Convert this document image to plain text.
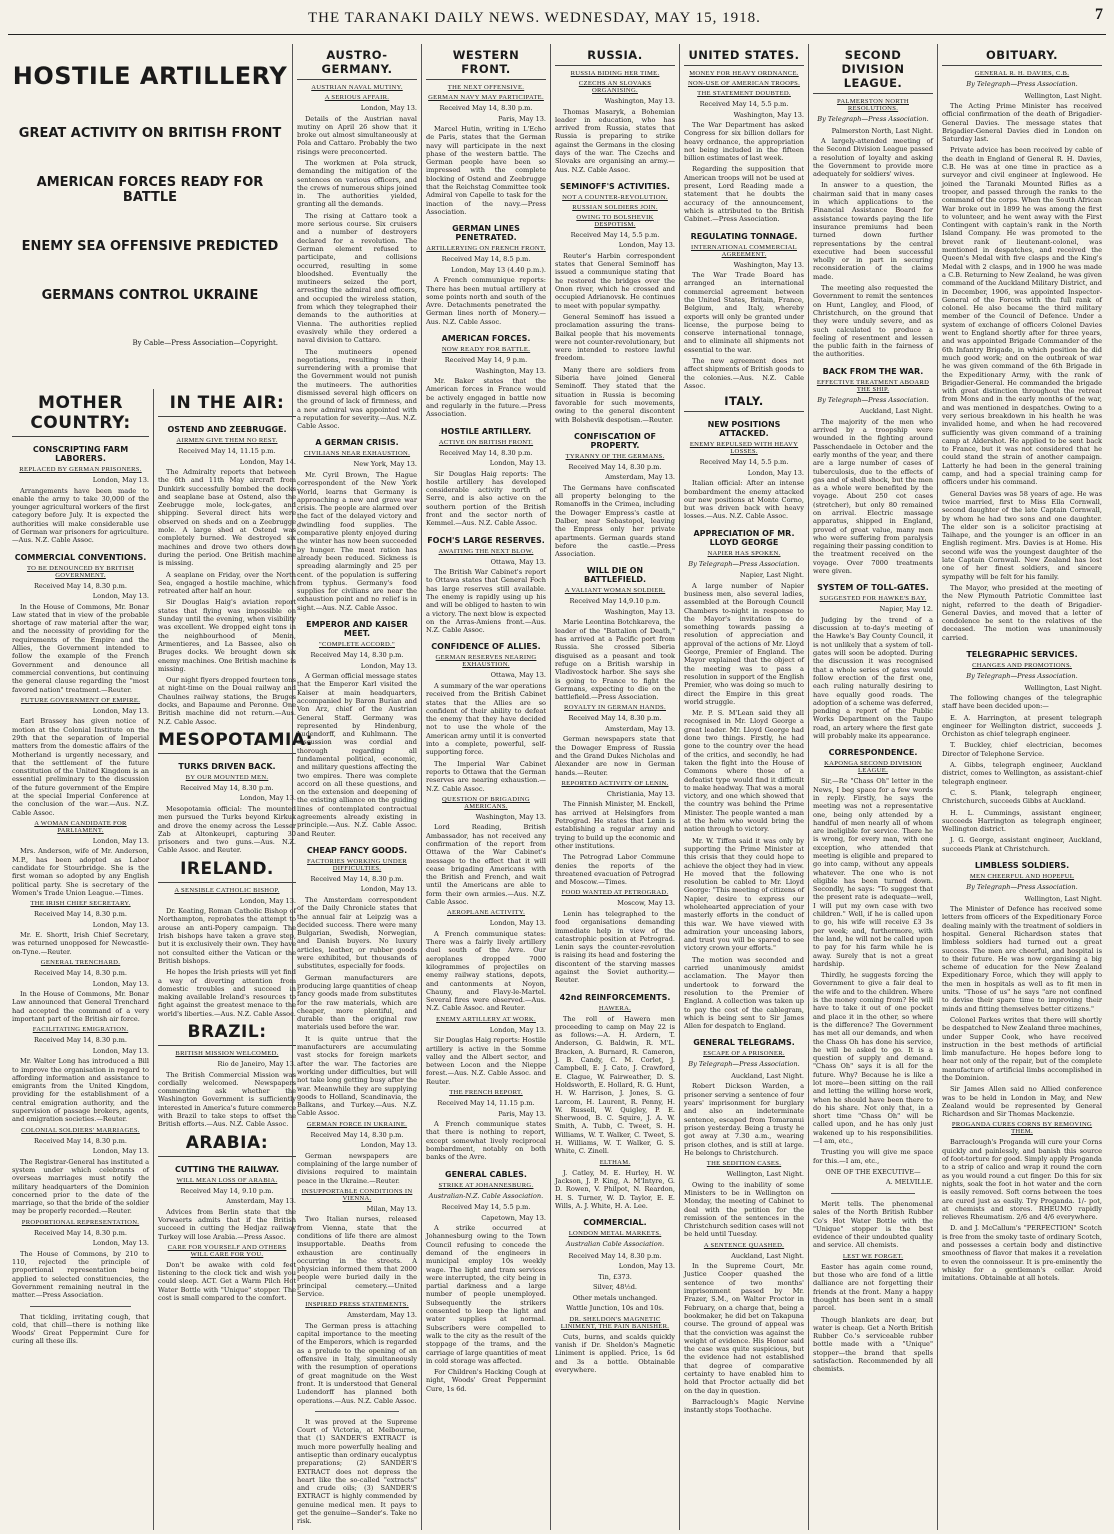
THE TARANAKI DAILY NEWS. WEDNESDAY, MAY 15, 1918.	7
HOSTILE ARTILLERY
GREAT ACTIVITY ON BRITISH FRONT
AMERICAN FORCES READY FOR BATTLE
ENEMY SEA OFFENSIVE PREDICTED
GERMANS CONTROL UKRAINE
By Cable—Press Association—Copyright.
MOTHER COUNTRY:
CONSCRIPTING FARM LABORERS.
REPLACED BY GERMAN PRISONERS.
London, May 13.

Arrangements have been made to enable the army to take 30,000 of the younger agricultural workers of the first category before July. It is expected the authorities will make considerable use of German war prisoners for agriculture.—Aus. N.Z. Cable Assoc.

COMMERCIAL CONVENTIONS.
TO BE DENOUNCED BY BRITISH GOVERNMENT.
Received May 14, 8.30 p.m.
London, May 13.

In the House of Commons, Mr. Bonar Law stated that in view of the probable shortage of raw material after the war, and the necessity of providing for the requirements of the Empire and the Allies, the Government intended to follow the example of the French Government and denounce all commercial conventions, but continuing the general clause regarding the "most favored nation" treatment.—Reuter.

FUTURE GOVERNMENT OF EMPIRE.
London, May 13.

Earl Brassey has given notice of motion at the Colonial Institute on the 29th that the separation of Imperial matters from the domestic affairs of the Motherland is urgently necessary, and that the settlement of the future constitution of the United Kingdom is an essential preliminary to the discussion of the future government of the Empire at the special Imperial Conference at the conclusion of the war.—Aus. N.Z. Cable Assoc.

A WOMAN CANDIDATE FOR PARLIAMENT.
London, May 13.

Mrs. Anderson, wife of Mr. Anderson, M.P., has been adopted as Labor candidate for Stourbridge. She is the first woman so adopted by any English political party. She is secretary of the Women's Trade Union League.—Times.

THE IRISH CHIEF SECRETARY.
Received May 14, 8.30 p.m.
London, May 13.

Mr. E. Shortt, Irish Chief Secretary, was returned unopposed for Newcastle-on-Tyne.—Reuter.

GENERAL TRENCHARD.
Received May 14, 8.30 p.m.
London, May 13.

In the House of Commons, Mr. Bonar Law announced that General Trenchard had accepted the command of a very important part of the British air force.

FACILITATING EMIGRATION.
Received May 14, 8.30 p.m.
London, May 13.

Mr. Walter Long has introduced a Bill to improve the organisation in regard to affording information and assistance to emigrants from the United Kingdom, providing for the establishment of a central emigration authority, and the supervision of passage brokers, agents, and emigration societies.—Reuter.

COLONIAL SOLDIERS' MARRIAGES.
Received May 14, 8.30 p.m.
London, May 13.

The Registrar-General has instituted a system under which celebrants of overseas marriages must notify the military headquarters of the Dominion concerned prior to the date of the marriage, so that the bride of the soldier may be properly recorded.—Reuter.

PROPORTIONAL REPRESENTATION.
Received May 14, 8.30 p.m.
London, May 13.

The House of Commons, by 210 to 110, rejected the principle of proportional representation being applied to selected constituencies, the Government remaining neutral in the matter.—Press Association.

That tickling, irritating cough, that cold, that chill—there is nothing like Woods' Great Peppermint Cure for curing all these ills.

IN THE AIR:
OSTEND AND ZEEBRUGGE.
AIRMEN GIVE THEM NO REST.
Received May 14, 11.15 p.m.
London, May 14.

The Admiralty reports that between the 6th and 11th May aircraft from Dunkirk successfully bombed the docks and seaplane base at Ostend, also the Zeebrugge mole, lock-gates, and shipping. Several direct hits were observed on sheds and on a Zeebrugge mole. A large shed at Ostend was completely burned. We destroyed six machines and drove two others down during the period. One British machine is missing.

A seaplane on Friday, over the North Sea, engaged a hostile machine, which retreated after half an hour.

Sir Douglas Haig's aviation report states that flying was impossible on Sunday until the evening, when visibility was excellent. We dropped eight tons in the neighbourhood of Menin, Armentieres, and La Bassee, also on Bruges docks. We brought down six enemy machines. One British machine is missing.

Our night flyers dropped fourteen tons at night-time on the Douai railway and Chaulnes railway stations, the Bruges docks, and Bapaume and Peronne. One British machine did not return.—Aus. N.Z. Cable Assoc.

MESOPOTAMIA:
TURKS DRIVEN BACK.
BY OUR MOUNTED MEN.
Received May 14, 8.30 p.m.
London, May 13.

Mesopotamia official: The mounted men pursued the Turks beyond Kirkuk and drove the enemy across the Lesser Zab at Altonkeupri, capturing 30 prisoners and two guns.—Aus. N.Z. Cable Assoc. and Reuter.

IRELAND.
A SENSIBLE CATHOLIC BISHOP.
London, May 13.

Dr. Keating, Roman Catholic Bishop of Northampton, reprobates the attempt to arouse an anti-Popery campaign. The Irish bishops have taken a grave step, but it is exclusively their own. They have not consulted either the Vatican or the British bishops.

He hopes the Irish priests will yet find a way of diverting attention from domestic troubles and succeed in making available Ireland's resources to fight against the greatest menace to the world's liberties.—Aus. N.Z. Cable Assoc.

BRAZIL:
BRITISH MISSION WELCOMED.
Rio de Janeiro, May 13.

The British Commercial Mission was cordially welcomed. Newspapers commenting ask whether the Washington Government is sufficiently interested in America's future commerce with Brazil to take steps to offset the British efforts.—Aus. N.Z. Cable Assoc.

ARABIA:
CUTTING THE RAILWAY.
WILL MEAN LOSS OF ARABIA.
Received May 14, 9.10 p.m.
Amsterdam, May 13.

Advices from Berlin state that the Vorwaerts admits that if the British succeed in cutting the Hedjaz railway Turkey will lose Arabia.—Press Assoc.

CARE FOR YOURSELF AND OTHERS WILL CARE FOR YOU.

Don't be awake with cold feet listening to the clock tick and wish you could sleep. ACT. Get a Warm Pilch Hot Water Bottle with "Unique" stopper. The cost is small compared to the comfort.

AUSTRO-GERMANY.
AUSTRIAN NAVAL MUTINY.
A SERIOUS AFFAIR.
London, May 13.

Details of the Austrian naval mutiny on April 26 show that it broke out almost simultaneously at Pola and Cattaro. Probably the two risings were preconcerted.

The workmen at Pola struck, demanding the mitigation of the sentences on various officers, and the crews of numerous ships joined in. The authorities yielded, granting all the demands.

The rising at Cattaro took a more serious course. Six cruisers and a number of destroyers declared for a revolution. The German element refused to participate, and collisions occurred, resulting in some bloodshed. Eventually the mutineers seized the port, arresting the admiral and officers, and occupied the wireless station, from which they telegraphed their demands to the authorities at Vienna. The authorities replied evasively while they ordered a naval division to Cattaro.

The mutineers opened negotiations, resulting in their surrendering with a promise that the Government would not punish the mutineers. The authorities dismissed several high officers on the ground of lack of firmness, and a new admiral was appointed with a reputation for severity.—Aus. N.Z. Cable Assoc.

A GERMAN CRISIS.
CIVILIANS NEAR EXHAUSTION.
New York, May 13.

Mr. Cyril Brown, The Hague correspondent of the New York World, learns that Germany is approaching a new and grave war crisis. The people are alarmed over the fact of the delayed victory and dwindling food supplies. The comparative plenty enjoyed during the winter has now been succeeded by hunger. The meat ration has already been reduced. Sickness is spreading alarmingly and 25 per cent. of the population is suffering from typhus. Germany's food supplies for civilians are near the exhaustion point and no relief is in sight.—Aus. N.Z. Cable Assoc.

EMPEROR AND KAISER MEET.
"COMPLETE ACCORD."
Received May 14, 8.30 p.m.
London, May 13.

A German official message states that the Emperor Karl visited the Kaiser at main headquarters, accompanied by Baron Burian and Von Arz, chief of the Austrian General Staff. Germany was represented by Hindenburg, Ludendorff, and Kuhlmann. The discussion was cordial and thorough regarding all fundamental political, economic, and military questions affecting the two empires. There was complete accord on all these questions, and on the extension and deepening of the existing alliance on the guiding lines of contemplated contractual agreements already existing in principle.—Aus. N.Z. Cable Assoc. and Reuter.

CHEAP FANCY GOODS.
FACTORIES WORKING UNDER DIFFICULTIES.
Received May 14, 8.30 p.m.
London, May 13.

The Amsterdam correspondent of the Daily Chronicle states that the annual fair at Leipzig was a decided success. There were many Bulgarian, Swedish, Norwegian, and Danish buyers. No luxury articles, leather, or rubber goods were exhibited, but thousands of substitutes, especially for foods.

German manufacturers are producing large quantities of cheap fancy goods made from substitutes for the raw materials, which are cheaper, more plentiful, and durable than the original raw materials used before the war.

It is quite untrue that the manufacturers are accumulating vast stocks for foreign markets after the war. The factories are working under difficulties, but will not take long getting busy after the war. Meanwhile they are supplying goods to Holland, Scandinavia, the Balkans, and Turkey.—Aus. N.Z. Cable Assoc.

GERMAN FORCE IN UKRAINE.
Received May 14, 8.30 p.m.
London, May 13.

German newspapers are complaining of the large number of divisions required to maintain peace in the Ukraine.—Reuter.

INSUPPORTABLE CONDITIONS IN VIENNA.
Milan, May 13.

Two Italian nurses, released from Vienna, state that the conditions of life there are almost insupportable. Deaths from exhaustion are continually occurring in the streets. A physician informed them that 2000 people were buried daily in the principal cemetery.—United Service.

INSPIRED PRESS STATEMENTS.
Amsterdam, May 13.

The German press is attaching capital importance to the meeting of the Emperors, which is regarded as a prelude to the opening of an offensive in Italy, simultaneously with the resumption of operations of great magnitude on the West front. It is understood that General Ludendorff has planned both operations.—Aus. N.Z. Cable Assoc.

It was proved at the Supreme Court of Victoria, at Melbourne, that (1) SANDER'S EXTRACT is much more powerfully healing and antiseptic than ordinary eucalyptus preparations; (2) SANDER'S EXTRACT does not depress the heart like the so-called "extracts" and crude oils; (3) SANDER'S EXTRACT is highly commended by genuine medical men. It pays to get the genuine—Sander's. Take no risk.

WESTERN FRONT.
THE NEXT OFFENSIVE.
GERMAN NAVY MAY PARTICIPATE.
Received May 14, 8.30 p.m.
Paris, May 13.

Marcel Hutin, writing in L'Echo de Paris, states that the German navy will participate in the next phase of the western battle. The German people have been so impressed with the complete blocking of Ostend and Zeebrugge that the Reichstag Committee took Admiral von Capelle to task for the inaction of the navy.—Press Association.

GERMAN LINES PENETRATED.
ARTILLERYING ON FRENCH FRONT.
Received May 14, 8.5 p.m.
London, May 13 (4.40 p.m.).

A French communique reports: There has been mutual artillery at some points north and south of the Avre. Detachments penetrated the German lines north of Monery.—Aus. N.Z. Cable Assoc.

AMERICAN FORCES.
NOW READY FOR BATTLE.
Received May 14, 9 p.m.
Washington, May 13.

Mr. Baker states that the American forces in France would be actively engaged in battle now and regularly in the future.—Press Association.

HOSTILE ARTILLERY.
ACTIVE ON BRITISH FRONT.
Received May 14, 8.30 p.m.
London, May 13.

Sir Douglas Haig reports: The hostile artillery has developed considerable activity north of Serre, and is also active on the southern portion of the British front and the sector north of Kemmel.—Aus. N.Z. Cable Assoc.

FOCH'S LARGE RESERVES.
AWAITING THE NEXT BLOW.
Ottawa, May 13.

The British War Cabinet's report to Ottawa states that General Foch has large reserves still available. The enemy is rapidly using up his and will be obliged to hasten to win a victory. The next blow is expected on the Arras-Amiens front.—Aus. N.Z. Cable Assoc.

CONFIDENCE OF ALLIES.
GERMAN RESERVES NEARING EXHAUSTION.
Ottawa, May 13.

A summary of the war operations received from the British Cabinet states that the Allies are so confident of their ability to defeat the enemy that they have decided not to use the whole of the American army until it is converted into a complete, powerful, self-supporting force.

The Imperial War Cabinet reports to Ottawa that the German reserves are nearing exhaustion.—N.Z. Cable Assoc.

QUESTION OF BRIGADING AMERICANS.
Washington, May 13.

Lord Reading, British Ambassador, has not received any confirmation of the report from Ottawa of the War Cabinet's message to the effect that it will cease brigading Americans with the British and French, and wait until the Americans are able to form their own armies.—Aus. N.Z. Cable Assoc.

AEROPLANE ACTIVITY.
London, May 13.

A French communique states: There was a fairly lively artillery duel south of the Avre. Our aeroplanes dropped 7000 kilogrammes of projectiles on enemy railway stations, depots, and cantonments at Noyon, Chauny, and Flavy-le-Martel. Several fires were observed.—Aus. N.Z. Cable Assoc. and Reuter.

ENEMY ARTILLERY AT WORK.
London, May 13.

Sir Douglas Haig reports: Hostile artillery is active in the Somme valley and the Albert sector, and between Locon and the Nieppe forest.—Aus. N.Z. Cable Assoc. and Reuter.

THE FRENCH REPORT.
Received May 14, 11.15 p.m.
Paris, May 13.

A French communique states that there is nothing to report, except somewhat lively reciprocal bombardment, notably on both banks of the Avre.

GENERAL CABLES.
STRIKE AT JOHANNESBURG.
Australian-N.Z. Cable Association.
Received May 14, 5.5 p.m.
Capetown, May 13.

A strike occurred at Johannesburg owing to the Town Council refusing to concede the demand of the engineers in municipal employ 10s weekly wage. The light and tram services were interrupted, the city being in partial darkness and a large number of people unemployed. Subsequently the strikers consented to keep the light and water supplies at normal. Subscribers were compelled to walk to the city as the result of the stoppage of the trams, and the carriage of large quantities of meat in cold storage was affected.

For Children's Hacking Cough at night, Woods' Great Peppermint Cure, 1s 6d.

RUSSIA.
RUSSIA BIDING HER TIME.
CZECHS AN SLOVAKS ORGANISING.
Washington, May 13.

Thomas Masaryk, a Bohemian leader in education, who has arrived from Russia, states that Russia is preparing to strike against the Germans in the closing days of the war. The Czechs and Slovaks are organising an army.—Aus. N.Z. Cable Assoc.

SEMINOFF'S ACTIVITIES.
NOT A COUNTER-REVOLUTION.
RUSSIAN SOLDIERS JOIN.
OWING TO BOLSHEVIK DESPOTISM.
Received May 14, 5.5 p.m.
London, May 13.

Reuter's Harbin correspondent states that General Seminoff has issued a communique stating that he restored the bridges over the Onon river, which he crossed and occupied Adrianovsk. He continues to meet with popular sympathy.

General Seminoff has issued a proclamation assuring the trans-Baikal people that his movements were not counter-revolutionary, but were intended to restore lawful freedom.

Many there are soldiers from Siberia have joined General Seminoff. They stated that the situation in Russia is becoming favorable for such movements, owing to the general discontent with Bolshevik despotism.—Reuter.

CONFISCATION OF PROPERTY.
TYRANNY OF THE GERMANS.
Received May 14, 8.30 p.m.
Amsterdam, May 13.

The Germans have confiscated all property belonging to the Romanoffs in the Crimea, including the Dowager Empress's castle at Dalber, near Sebastopol, leaving the Empress only her private apartments. German guards stand before the castle.—Press Association.

WILL DIE ON BATTLEFIELD.
A VALIANT WOMAN SOLDIER.
Received May 14,9.10 p.m.
Washington, May 13.

Marie Leontina Botchkareva, the leader of the "Battalion of Death," has arrived at a Pacific port from Russia. She crossed Siberia disguised as a peasant and took refuge on a British warship in Vladivostock harbor. She says she is going to France to fight the Germans, expecting to die on the battlefield.—Press Association.

ROYALTY IN GERMAN HANDS.
Received May 14, 8.30 p.m.
Amsterdam, May 13.

German newspapers state that the Dowager Empress of Russia and the Grand Dukes Nicholas and Alexander are now in German hands.—Reuter.

REPORTED ACTIVITY OF LENIN.
Christiania, May 13.

The Finnish Minister, M. Enckell, has arrived at Helsingfors from Petrograd. He states that Lenin is establishing a regular army and trying to build up the economic and other institutions.

The Petrograd Labor Commune denies the reports of the threatened evacuation of Petrograd and Moscow.—Times.

FOOD WANTED AT PETROGRAD.
Moscow, May 13.

Lenin has telegraphed to the food organisations demanding immediate help in view of the catastrophic position at Petrograd. Lenin says the counter-revolution is raising its head and fostering the discontent of the starving masses against the Soviet authority.—Reuter.

42nd REINFORCEMENTS.
HAWERA.

The roll of Hawera men proceeding to camp on May 22 is as follows:—A. H. Ardern, T. Anderson, G. Baldwin, R. M'L. Bracken, A. Burnard, R. Cameron, J. B. Candy, C. M. Corlet, J. Campbell, E. J. Cato, J. Crawford, E. Clague, W. Fairweather, D. S. Holdsworth, E. Hollard, R. G. Hunt, H. W. Harrison, J. Jones, S. G. Larcom, H. Laurent, R. Penny, H. W. Russell, W. Quigley, P. E. Sherwood, B. C. Squire, J. A. W. Smith, A. Tubb, C. Tweet, S. H. Williams, W. T. Walker, C. Tweet, S. H. Williams, W. T. Walker, G. S. White, C. Zinell.

ELTHAM.

J. Catley, M. E. Hurley, H. W. Jackson, J. P. King, A. M'Intyre, G. D. Rowen, V. Philpot, N. Reardon, H. S. Turner, W. D. Taylor, E. E. Wills, A. J. White, H. A. Lee.

COMMERCIAL.
LONDON METAL MARKETS.
Australian Cable Association.
Received May 14, 8.30 p.m.
London, May 13.
Tin, £373.
Silver, 48½d.
Other metals unchanged.
Wattle Junction, 10s and 10s.
DR. SHELDON'S MAGNETIC LINIMENT, THE PAIN BANISHER.

Cuts, burns, and scalds quickly vanish if Dr. Sheldon's Magnetic Liniment is applied. Price, 1s 6d and 3s a bottle. Obtainable everywhere.

UNITED STATES.
MONEY FOR HEAVY ORDNANCE.
NON-USE OF AMERICAN TROOPS.
THE STATEMENT DOUBTED.
Received May 14, 5.5 p.m.
Washington, May 13.

The War Department has asked Congress for six billion dollars for heavy ordnance, the appropriation not being included in the fifteen billion estimates of last week.

Regarding the supposition that American troops will not be used at present, Lord Reading made a statement that he doubts the accuracy of the announcement, which is attributed to the British Cabinet.—Press Association.

REGULATING TONNAGE.
INTERNATIONAL COMMERCIAL AGREEMENT.
Washington, May 13.

The War Trade Board has arranged an international commercial agreement between the United States, Britain, France, Belgium, and Italy, whereby exports will only be granted under license, the purpose being to conserve international tonnage, and to eliminate all shipments not essential to the war.

The new agreement does not affect shipments of British goods to the colonies.—Aus. N.Z. Cable Assoc.

ITALY.
NEW POSITIONS ATTACKED.
ENEMY REPULSED WITH HEAVY LOSSES.
Received May 14, 5.5 p.m.
London, May 13.

Italian official: After an intense bombardment the enemy attacked our new positions at Monte Corno, but was driven back with heavy losses.—Aus. N.Z. Cable Assoc.

APPRECIATION OF MR. LLOYD GEORGE
NAPIER HAS SPOKEN.
By Telegraph—Press Association.
Napier, Last Night.

A large number of Napier business men, also several ladies, assembled at the Borough Council Chambers to-night in response to the Mayor's invitation to do something towards passing a resolution of appreciation and approval of the actions of Mr. Lloyd George, Premier of England. The Mayor explained that the object of the meeting was to pass a resolution in support of the English Premier, who was doing so much to direct the Empire in this great world struggle.

Mr. P. S. M'Lean said they all recognised in Mr. Lloyd George a great leader. Mr. Lloyd George had done two things. Firstly, he had gone to the country over the head of the critics, and secondly, he had taken the fight into the House of Commons where those of a defeatist type would find it difficult to make headway. That was a moral victory, and one which showed that the country was behind the Prime Minister. The people wanted a man at the helm who would bring the nation through to victory.

Mr. W. Tiffen said it was only by supporting the Prime Minister at this crisis that they could hope to achieve the object they had in view. He moved that the following resolution be cabled to Mr. Lloyd George: "This meeting of citizens of Napier, desire to express our wholehearted appreciation of your masterly efforts in the conduct of this war. We have viewed with admiration your unceasing labors, and trust you will be spared to see victory crown your efforts."

The motion was seconded and carried unanimously amidst acclamation. The Mayor then undertook to forward the resolution to the Premier of England. A collection was taken up to pay the cost of the cablegram, which is being sent to Sir James Allen for despatch to England.

GENERAL TELEGRAMS.
ESCAPE OF A PRISONER.
By Telegraph—Press Association.
Auckland, Last Night.

Robert Dickson Warden, a prisoner serving a sentence of four years' imprisonment for burglary and also an indeterminate sentence, escaped from Tomaranui prison yesterday. Being a trusty he got away at 7.30 a.m., wearing prison clothes, and is still at large. He belongs to Christchurch.

THE SEDITION CASES.
Wellington, Last Night.

Owing to the inability of some Ministers to be in Wellington on Monday, the meeting of Cabinet to deal with the petition for the remission of the sentences in the Christchurch sedition cases will not be held until Tuesday.

A SENTENCE QUASHED.
Auckland, Last Night.

In the Supreme Court, Mr. Justice Cooper quashed the sentence of two months' imprisonment passed by Mr. Frazer, S.M., on Walter Proctor in February, on a charge that, being a bookmaker, he did bet on Takapuna course. The ground of appeal was that the conviction was against the weight of evidence. His Honor said the case was quite suspicious, but the evidence had not established that degree of comparative certainty to have enabled him to hold that Proctor actually did bet on the day in question.

Barraclough's Magic Nervine instantly stops Toothache.

SECOND DIVISION LEAGUE.
PALMERSTON NORTH RESOLUTIONS.
By Telegraph—Press Association.
Palmerston North, Last Night.

A largely-attended meeting of the Second Division League passed a resolution of loyalty and asking the Government to provide more adequately for soldiers' wives.

In answer to a question, the chairman said that in many cases in which applications to the Financial Assistance Board for assistance towards paying the life insurance premiums had been turned down further representations by the central executive had been successful wholly or in part in securing reconsideration of the claims made.

The meeting also requested the Government to remit the sentences on Hunt, Langley, and Flood, of Christchurch, on the ground that they were unduly severe, and as such calculated to produce a feeling of resentment and lessen the public faith in the fairness of the authorities.

BACK FROM THE WAR.
EFFECTIVE TREATMENT ABOARD THE SHIP.
By Telegraph—Press Association.
Auckland, Last Night.

The majority of the men who arrived by a troopship were wounded in the fighting around Passchendaele in October and the early months of the year, and there are a large number of cases of tuberculosis, due to the effects of gas and of shell shock, but the men as a whole were benefited by the voyage. About 250 cot cases (stretcher), but only 80 remained on arrival. Electric massage apparatus, shipped in England, proved of great value, many men who were suffering from paralysis regaining their passing condition to the treatment received on the voyage. Over 7000 treatments were given.

SYSTEM OF TOLL-GATES.
SUGGESTED FOR HAWKE'S BAY.
Napier, May 12.

Judging by the trend of a discussion at to-day's meeting of the Hawke's Bay County Council, it is not unlikely that a system of toll-gates will soon be adopted. During the discussion it was recognised that a whole series of gates would follow erection of the first one, each ruling naturally desiring to have equally good roads. The adoption of a scheme was deferred, pending a report of the Public Works Department on the Taupo road, an artery where the first gate will probably make its appearance.

CORRESPONDENCE.
KAPONGA SECOND DIVISION LEAGUE.

Sir,—Re "Chass Oh" letter in the News, I beg space for a few words in reply. Firstly, he says the meeting was not a representative one, being only attended by a handful of men nearly all of whom are ineligible for service. There he is wrong, for every man, with one exception, who attended that meeting is eligible and prepared to go into camp, without any appeals whatever. The one who is not eligible has been turned down. Secondly, he says: "To suggest that the present rate is adequate—well, I will put my own case with two children." Well, if he is called upon to go, his wife will receive £3 3s per week; and, furthermore, with the land, he will not be called upon to pay for his farm while he is away. Surely that is not a great hardship.

Thirdly, he suggests forcing the Government to give a fair deal to the wife and to the children. Where is the money coming from? He will have to take it out of one pocket and place it in the other, so where is the difference? The Government has met all our demands, and when the Chass Oh has done his service, he will be asked to go. It is a question of supply and demand. "Chass Oh" says it is all for the future. Why? Because he is like a lot more—been sitting on the rail and letting the willing horse work, when he should have been there to do his share. Not only that, in a short time "Chass Oh" will be called upon, and he has only just wakened up to his responsibilities.—I am, etc.,

Trusting you will give me space for this.—I am, etc.,

ONE OF THE EXECUTIVE—
A. MELVILLE.

Merit tells. The phenomenal sales of the North British Rubber Co's Hot Water Bottle with the "Unique" stopper is the best evidence of their undoubted quality and service. All chemists.

LEST WE FORGET.

Easter has again come round, but those who are fond of a little dalliance are not forgetting their friends at the front. Many a happy thought has been sent in a small parcel.

Though blankets are dear, but water is cheap. Get a North British Rubber Co.'s serviceable rubber bottle made with a "Unique" stopper—the brand that spells satisfaction. Recommended by all chemists.

OBITUARY.
GENERAL R. H. DAVIES, C.B.
By Telegraph—Press Association.
Wellington, Last Night.

The Acting Prime Minister has received official confirmation of the death of Brigadier-General Davies. The message states that Brigadier-General Davies died in London on Saturday last.

Private advice has been received by cable of the death in England of General R. H. Davies, C.B. He was at one time in practice as a surveyor and civil engineer at Inglewood. He joined the Taranaki Mounted Rifles as a trooper, and passed through the ranks to the command of the corps. When the South African War broke out in 1899 he was among the first to volunteer, and he went away with the First Contingent with captain's rank in the North Island Company. He was promoted to the brevet rank of lieutenant-colonel, was mentioned in despatches, and received the Queen's Medal with five clasps and the King's Medal with 2 clasps, and in 1900 he was made a C.B. Returning to New Zealand, he was given command of the Auckland Military District, and in December, 1906, was appointed Inspector-General of the Forces with the full rank of colonel. He also became the third military member of the Council of Defence. Under a system of exchange of officers Colonel Davies went to England shortly after for three years, and was appointed Brigade Commander of the 6th Infantry Brigade, in which position he did much good work; and on the outbreak of war he was given command of the 6th Brigade in the Expeditionary Army, with the rank of Brigadier-General. He commanded the brigade with great distinction throughout the retreat from Mons and in the early months of the war, and was mentioned in despatches. Owing to a very serious breakdown in his health he was invalided home, and when he had recovered sufficiently was given command of a training camp at Aldershot. He applied to be sent back to France, but it was not considered that he could stand the strain of another campaign. Latterly he had been in the general training camp, and had a special training camp for officers under his command.

General Davies was 58 years of age. He was twice married, first to Miss Ella Cornwall, second daughter of the late Captain Cornwall, by whom he had two sons and one daughter. The elder son is a solicitor practising at Taihape, and the younger is an officer in an English regiment. Mrs. Davies is at Home. His second wife was the youngest daughter of the late Captain Cornwall. New Zealand has lost one of her finest soldiers, and sincere sympathy will be felt for his family.

The Mayor, who presided at the meeting of the New Plymouth Patriotic Committee last night, referred to the death of Brigadier-General Davies, and moved that a letter of condolence be sent to the relatives of the deceased. The motion was unanimously carried.

TELEGRAPHIC SERVICES.
CHANGES AND PROMOTIONS.
By Telegraph—Press Association.
Wellington, Last Night.

The following changes of the telegraphic staff have been decided upon:—

E. A. Harrington, at present telegraph engineer for Wellington district, succeeds J. Orchiston as chief telegraph engineer.

T. Buckley, chief electrician, becomes Director of Telephone Service.

A. Gibbs, telegraph engineer, Auckland district, comes to Wellington, as assistant-chief telegraph engineer.

C. S. Plank, telegraph engineer, Christchurch, succeeds Gibbs at Auckland.

H. L. Cummings, assistant engineer, succeeds Harrington as telegraph engineer, Wellington district.

J. G. George, assistant engineer, Auckland, succeeds Plank at Christchurch.

LIMBLESS SOLDIERS.
MEN CHEERFUL AND HOPEFUL
By Telegraph—Press Association.
Wellington, Last Night.

The Minister of Defence has received some letters from officers of the Expeditionary Force dealing mainly with the treatment of soldiers in hospital. General Richardson states that limbless soldiers had turned out a great success. The men are cheerful, and hospital is to their future. He was now organising a big scheme of education for the New Zealand Expeditionary Force, which they will apply to the men in hospitals as well as to fit men in units. "Those of us" he says "are not confined to devise their spare time to improving their minds and fitting themselves better citizens."

Colonel Parkes writes that there will shortly be despatched to New Zealand three machines, under Supper Cook, who have received instruction in the best methods of artificial limb manufacture. He hopes before long to hear not only of the repair, but of the complete manufacture of artificial limbs accomplished in the Dominion.

Sir James Allen said no Allied conference was to be held in London in May, and New Zealand would be represented by General Richardson and Sir Thomas Mackenzie.

PROGANDA CURES CORNS BY REMOVING THEM.

Barraclough's Proganda will cure your Corns quickly and painlessly, and banish this source of foot-torture for good. Simply apply Proganda to a strip of calico and wrap it round the corn as you would round a cut finger. Do this for six nights, soak the foot in hot water and the corn is easily removed. Soft corns between the toes are cured just as easily. Try Proganda. 1/- pot, at chemists and stores. RHEUMO rapidly relieves Rheumatism. 2/6 and 4/6 everywhere.

D. and J. McCallum's "PERFECTION" Scotch is free from the smoky taste of ordinary Scotch, and possesses a certain body and distinctive smoothness of flavor that makes it a revelation to even the connoisseur. It is pre-eminently the whisky for a gentleman's cellar. Avoid imitations. Obtainable at all hotels.
